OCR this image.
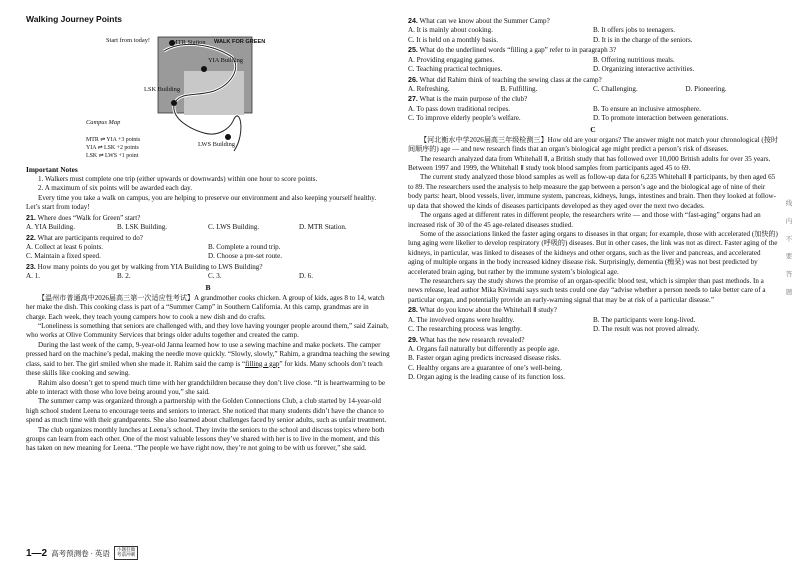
Walking Journey Points
MTR Station WALK FOR GREEN
YIA Building
LSK Building
LWS Building
Campus Map
Start from today!
MTR ⇌ YIA +3 points
YIA ⇌ LSK +2 points
LSK ⇌ LWS +1 point
Important Notes

1. Walkers must complete one trip (either upwards or downwards) within one hour to score points.

2. A maximum of six points will be awarded each day.

Every time you take a walk on campus, you are helping to preserve our environment and also keeping yourself healthy. Let’s start from today!

21. Where does “Walk for Green” start?

A. YIA Building.	B. LSK Building.	C. LWS Building.	D. MTR Station.

22. What are participants required to do?

A. Collect at least 6 points.	B. Complete a round trip.
C. Maintain a fixed speed.	D. Choose a pre-set route.

23. How many points do you get by walking from YIA Building to LWS Building?

A. 1.	B. 2.	C. 3.	D. 6.
B

【温州市普通高中2026届高三第一次适应性考试】A grandmother cooks chicken. A group of kids, ages 8 to 14, watch her make the dish. This cooking class is part of a “Summer Camp” in Southern California. At this camp, grandmas are in charge. Each week, they teach young campers how to cook a new dish and do crafts.

“Loneliness is something that seniors are challenged with, and they love having younger people around them,” said Zainab, who works at Olive Community Services that brings older adults together and created the camp.

During the last week of the camp, 9-year-old Janna learned how to use a sewing machine and make pockets. The camper pressed hard on the machine’s pedal, making the needle move quickly. “Slowly, slowly,” Rahim, a grandma teaching the sewing class, said to her. The girl smiled when she made it. Rahim said the camp is “filling a gap” for kids. Many schools don’t teach these skills like cooking and sewing.

Rahim also doesn’t get to spend much time with her grandchildren because they don’t live close. “It is heartwarming to be able to interact with those who love being around you,” she said.

The summer camp was organized through a partnership with the Golden Connections Club, a club started by 14-year-old high school student Leena to encourage teens and seniors to interact. She noticed that many students didn’t have the chance to spend as much time with their grandparents. She also learned about challenges faced by senior adults, such as unfair treatment.

The club organizes monthly lunches at Leena’s school. They invite the seniors to the school and discuss topics where both groups can learn from each other. One of the most valuable lessons they’ve shared with her is to live in the moment, and this has taken on new meaning for Leena. “The people we have right now, they’re not going to be with us forever,” she said.

1—2 高考预测卷 · 英语	小题狂做
考前冲刺

24. What can we know about the Summer Camp?

A. It is mainly about cooking.	B. It offers jobs to teenagers.
C. It is held on a monthly basis.	D. It is in the charge of the seniors.

25. What do the underlined words “filling a gap” refer to in paragraph 3?

A. Providing engaging games.	B. Offering nutritious meals.
C. Teaching practical techniques.	D. Organizing interactive activities.

26. What did Rahim think of teaching the sewing class at the camp?

A. Refreshing.	B. Fulfilling.	C. Challenging.	D. Pioneering.

27. What is the main purpose of the club?

A. To pass down traditional recipes.	B. To ensure an inclusive atmosphere.
C. To improve elderly people’s welfare.	D. To promote interaction between generations.
C

【河北衡水中学2026届高三年级检测三】How old are your organs? The answer might not match your chronological (按时间顺序的) age — and new research finds that an organ’s biological age might predict a person’s risk of diseases.

The research analyzed data from Whitehall Ⅱ, a British study that has followed over 10,000 British adults for over 35 years. Between 1997 and 1999, the Whitehall Ⅱ study took blood samples from participants aged 45 to 69.

The current study analyzed those blood samples as well as follow-up data for 6,235 Whitehall Ⅱ participants, by then aged 65 to 89. The researchers used the analysis to help measure the gap between a person’s age and the biological age of nine of their body parts: heart, blood vessels, liver, immune system, pancreas, kidneys, lungs, intestines and brain. Then they looked at follow-up data that showed the kinds of diseases participants developed as they aged over the next two decades.

The organs aged at different rates in different people, the researchers write — and those with “fast-aging” organs had an increased risk of 30 of the 45 age-related diseases studied.

Some of the associations linked the faster aging organs to diseases in that organ; for example, those with accelerated (加快的) lung aging were likelier to develop respiratory (呼吸的) diseases. But in other cases, the link was not as direct. Faster aging of the kidneys, in particular, was linked to diseases of the kidneys and other organs, such as the liver and pancreas, and accelerated aging of multiple organs in the body increased kidney disease risk. Surprisingly, dementia (痴呆) was not best predicted by accelerated brain aging, but rather by the immune system’s biological age.

The researchers say the study shows the promise of an organ-specific blood test, which is simpler than past methods. In a news release, lead author Mika Kivimaki says such tests could one day “advise whether a person needs to take better care of a particular organ, and potentially provide an early-warning signal that may be at risk of a particular disease.”

28. What do you know about the Whitehall Ⅱ study?

A. The involved organs were healthy.	B. The participants were long-lived.
C. The researching process was lengthy.	D. The result was not proved already.

29. What has the new research revealed?

A. Organs fail naturally but differently as people age.
B. Faster organ aging predicts increased disease risks.
C. Healthy organs are a guarantee of one’s well-being.
D. Organ aging is the leading cause of its function loss.
线
内
不
要
答
题
